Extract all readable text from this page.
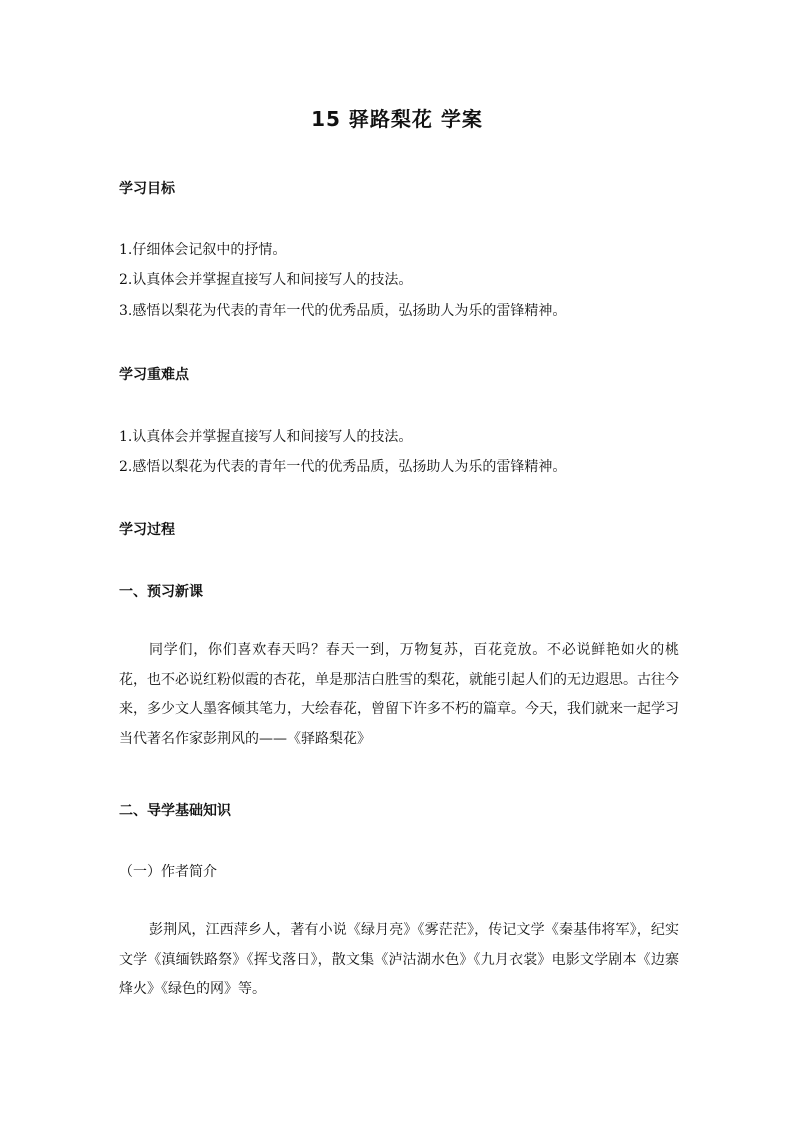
15 驿路梨花 学案
学习目标
1.仔细体会记叙中的抒情。
2.认真体会并掌握直接写人和间接写人的技法。
3.感悟以梨花为代表的青年一代的优秀品质，弘扬助人为乐的雷锋精神。
学习重难点
1.认真体会并掌握直接写人和间接写人的技法。
2.感悟以梨花为代表的青年一代的优秀品质，弘扬助人为乐的雷锋精神。
学习过程
一、预习新课

同学们，你们喜欢春天吗？春天一到，万物复苏，百花竞放。不必说鲜艳如火的桃花，也不必说红粉似霞的杏花，单是那洁白胜雪的梨花，就能引起人们的无边遐思。古往今来，多少文人墨客倾其笔力，大绘春花，曾留下许多不朽的篇章。今天，我们就来一起学习当代著名作家彭荆风的——《驿路梨花》

二、导学基础知识
（一）作者简介

彭荆风，江西萍乡人，著有小说《绿月亮》《雾茫茫》，传记文学《秦基伟将军》，纪实文学《滇缅铁路祭》《挥戈落日》，散文集《泸沽湖水色》《九月衣裳》电影文学剧本《边寨烽火》《绿色的网》等。
